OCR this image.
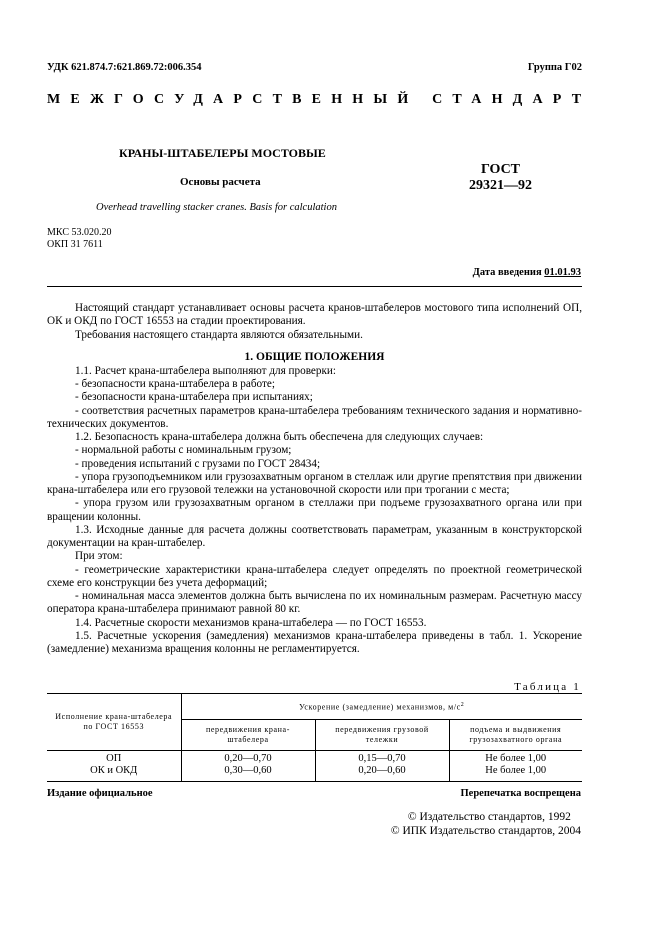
УДК 621.874.7:621.869.72:006.354	Группа Г02
МЕЖГОСУДАРСТВЕННЫЙ СТАНДАРТ
КРАНЫ-ШТАБЕЛЕРЫ МОСТОВЫЕ
Основы расчета
ГОСТ
29321—92
Overhead travelling stacker cranes. Basis for calculation
МКС 53.020.20
ОКП 31 7611
Дата введения 01.01.93

Настоящий стандарт устанавливает основы расчета кранов-штабелеров мостового типа исполнений ОП, ОК и ОКД по ГОСТ 16553 на стадии проектирования.

Требования настоящего стандарта являются обязательными.

1.1. Расчет крана-штабелера выполняют для проверки:

- безопасности крана-штабелера в работе;

- безопасности крана-штабелера при испытаниях;

- соответствия расчетных параметров крана-штабелера требованиям технического задания и нормативно-технических документов.

1.2. Безопасность крана-штабелера должна быть обеспечена для следующих случаев:

- нормальной работы с номинальным грузом;

- проведения испытаний с грузами по ГОСТ 28434;

- упора грузоподъемником или грузозахватным органом в стеллаж или другие препятствия при движении крана-штабелера или его грузовой тележки на установочной скорости или при трогании с места;

- упора грузом или грузозахватным органом в стеллажи при подъеме грузозахватного органа или при вращении колонны.

1.3. Исходные данные для расчета должны соответствовать параметрам, указанным в конструкторской документации на кран-штабелер.

При этом:

- геометрические характеристики крана-штабелера следует определять по проектной геометрической схеме его конструкции без учета деформаций;

- номинальная масса элементов должна быть вычислена по их номинальным размерам. Расчетную массу оператора крана-штабелера принимают равной 80 кг.

1.4. Расчетные скорости механизмов крана-штабелера — по ГОСТ 16553.

1.5. Расчетные ускорения (замедления) механизмов крана-штабелера приведены в табл. 1. Ускорение (замедление) механизма вращения колонны не регламентируется.

1. ОБЩИЕ ПОЛОЖЕНИЯ
Таблица 1
Исполнение крана-штабелера по ГОСТ 16553	Ускорение (замедление) механизмов, $м/с^2$
	передвижения крана-штабелера	передвижения грузовой тележки	подъема и выдвижения грузозахватного органа
ОП	0,20—0,70	0,15—0,70	Не более 1,00
ОК и ОКД	0,30—0,60	0,20—0,60	Не более 1,00
Издание официальное	Перепечатка воспрещена
© Издательство стандартов, 1992
© ИПК Издательство стандартов, 2004
